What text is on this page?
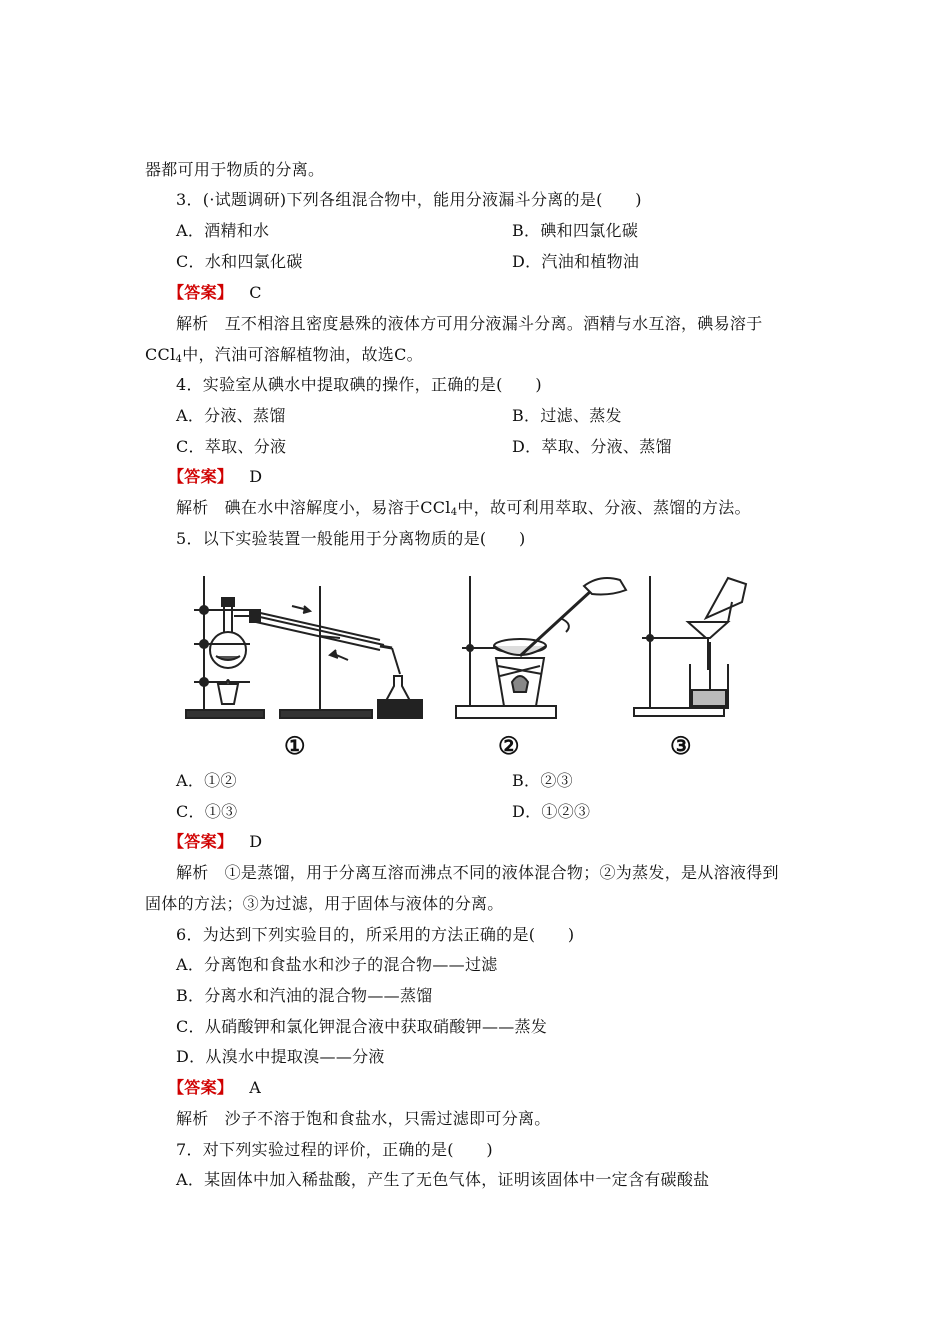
器都可用于物质的分离。
3．(·试题调研)下列各组混合物中，能用分液漏斗分离的是(　　)
A．酒精和水	B．碘和四氯化碳
C．水和四氯化碳	D．汽油和植物油
【答案】 C
解析 互不相溶且密度悬殊的液体方可用分液漏斗分离。酒精与水互溶，碘易溶于
CCl$_4$中，汽油可溶解植物油，故选C。
4．实验室从碘水中提取碘的操作，正确的是(　　)
A．分液、蒸馏	B．过滤、蒸发
C．萃取、分液	D．萃取、分液、蒸馏
【答案】 D
解析 碘在水中溶解度小，易溶于CCl$_4$中，故可利用萃取、分液、蒸馏的方法。
5．以下实验装置一般能用于分离物质的是(　　)
①	②	③
A．①②	B．②③
C．①③	D．①②③
【答案】 D
解析 ①是蒸馏，用于分离互溶而沸点不同的液体混合物；②为蒸发，是从溶液得到
固体的方法；③为过滤，用于固体与液体的分离。
6．为达到下列实验目的，所采用的方法正确的是(　　)
A．分离饱和食盐水和沙子的混合物——过滤
B．分离水和汽油的混合物——蒸馏
C．从硝酸钾和氯化钾混合液中获取硝酸钾——蒸发
D．从溴水中提取溴——分液
【答案】 A
解析 沙子不溶于饱和食盐水，只需过滤即可分离。
7．对下列实验过程的评价，正确的是(　　)
A．某固体中加入稀盐酸，产生了无色气体，证明该固体中一定含有碳酸盐
